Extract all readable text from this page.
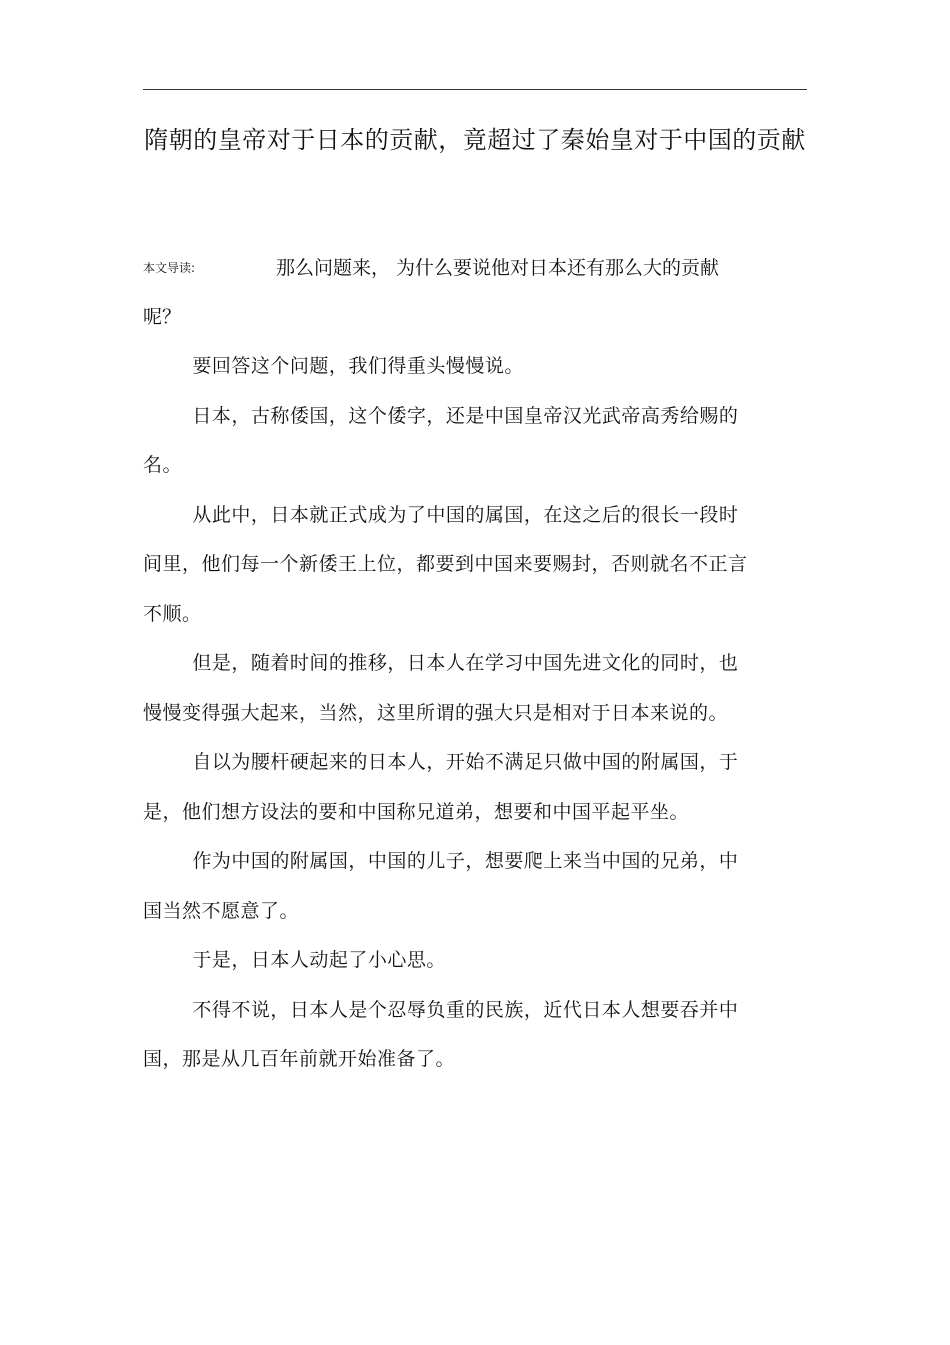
隋朝的皇帝对于日本的贡献，竟超过了秦始皇对于中国的贡献

本文导读:	那么问题来， 为什么要说他对日本还有那么大的贡献呢？

要回答这个问题，我们得重头慢慢说。

日本，古称倭国，这个倭字，还是中国皇帝汉光武帝高秀给赐的名。

从此中，日本就正式成为了中国的属国，在这之后的很长一段时间里，他们每一个新倭王上位，都要到中国来要赐封，否则就名不正言不顺。

但是，随着时间的推移，日本人在学习中国先进文化的同时，也慢慢变得强大起来，当然，这里所谓的强大只是相对于日本来说的。

自以为腰杆硬起来的日本人，开始不满足只做中国的附属国，于是，他们想方设法的要和中国称兄道弟，想要和中国平起平坐。

作为中国的附属国，中国的儿子，想要爬上来当中国的兄弟，中国当然不愿意了。

于是，日本人动起了小心思。

不得不说，日本人是个忍辱负重的民族，近代日本人想要吞并中国，那是从几百年前就开始准备了。
